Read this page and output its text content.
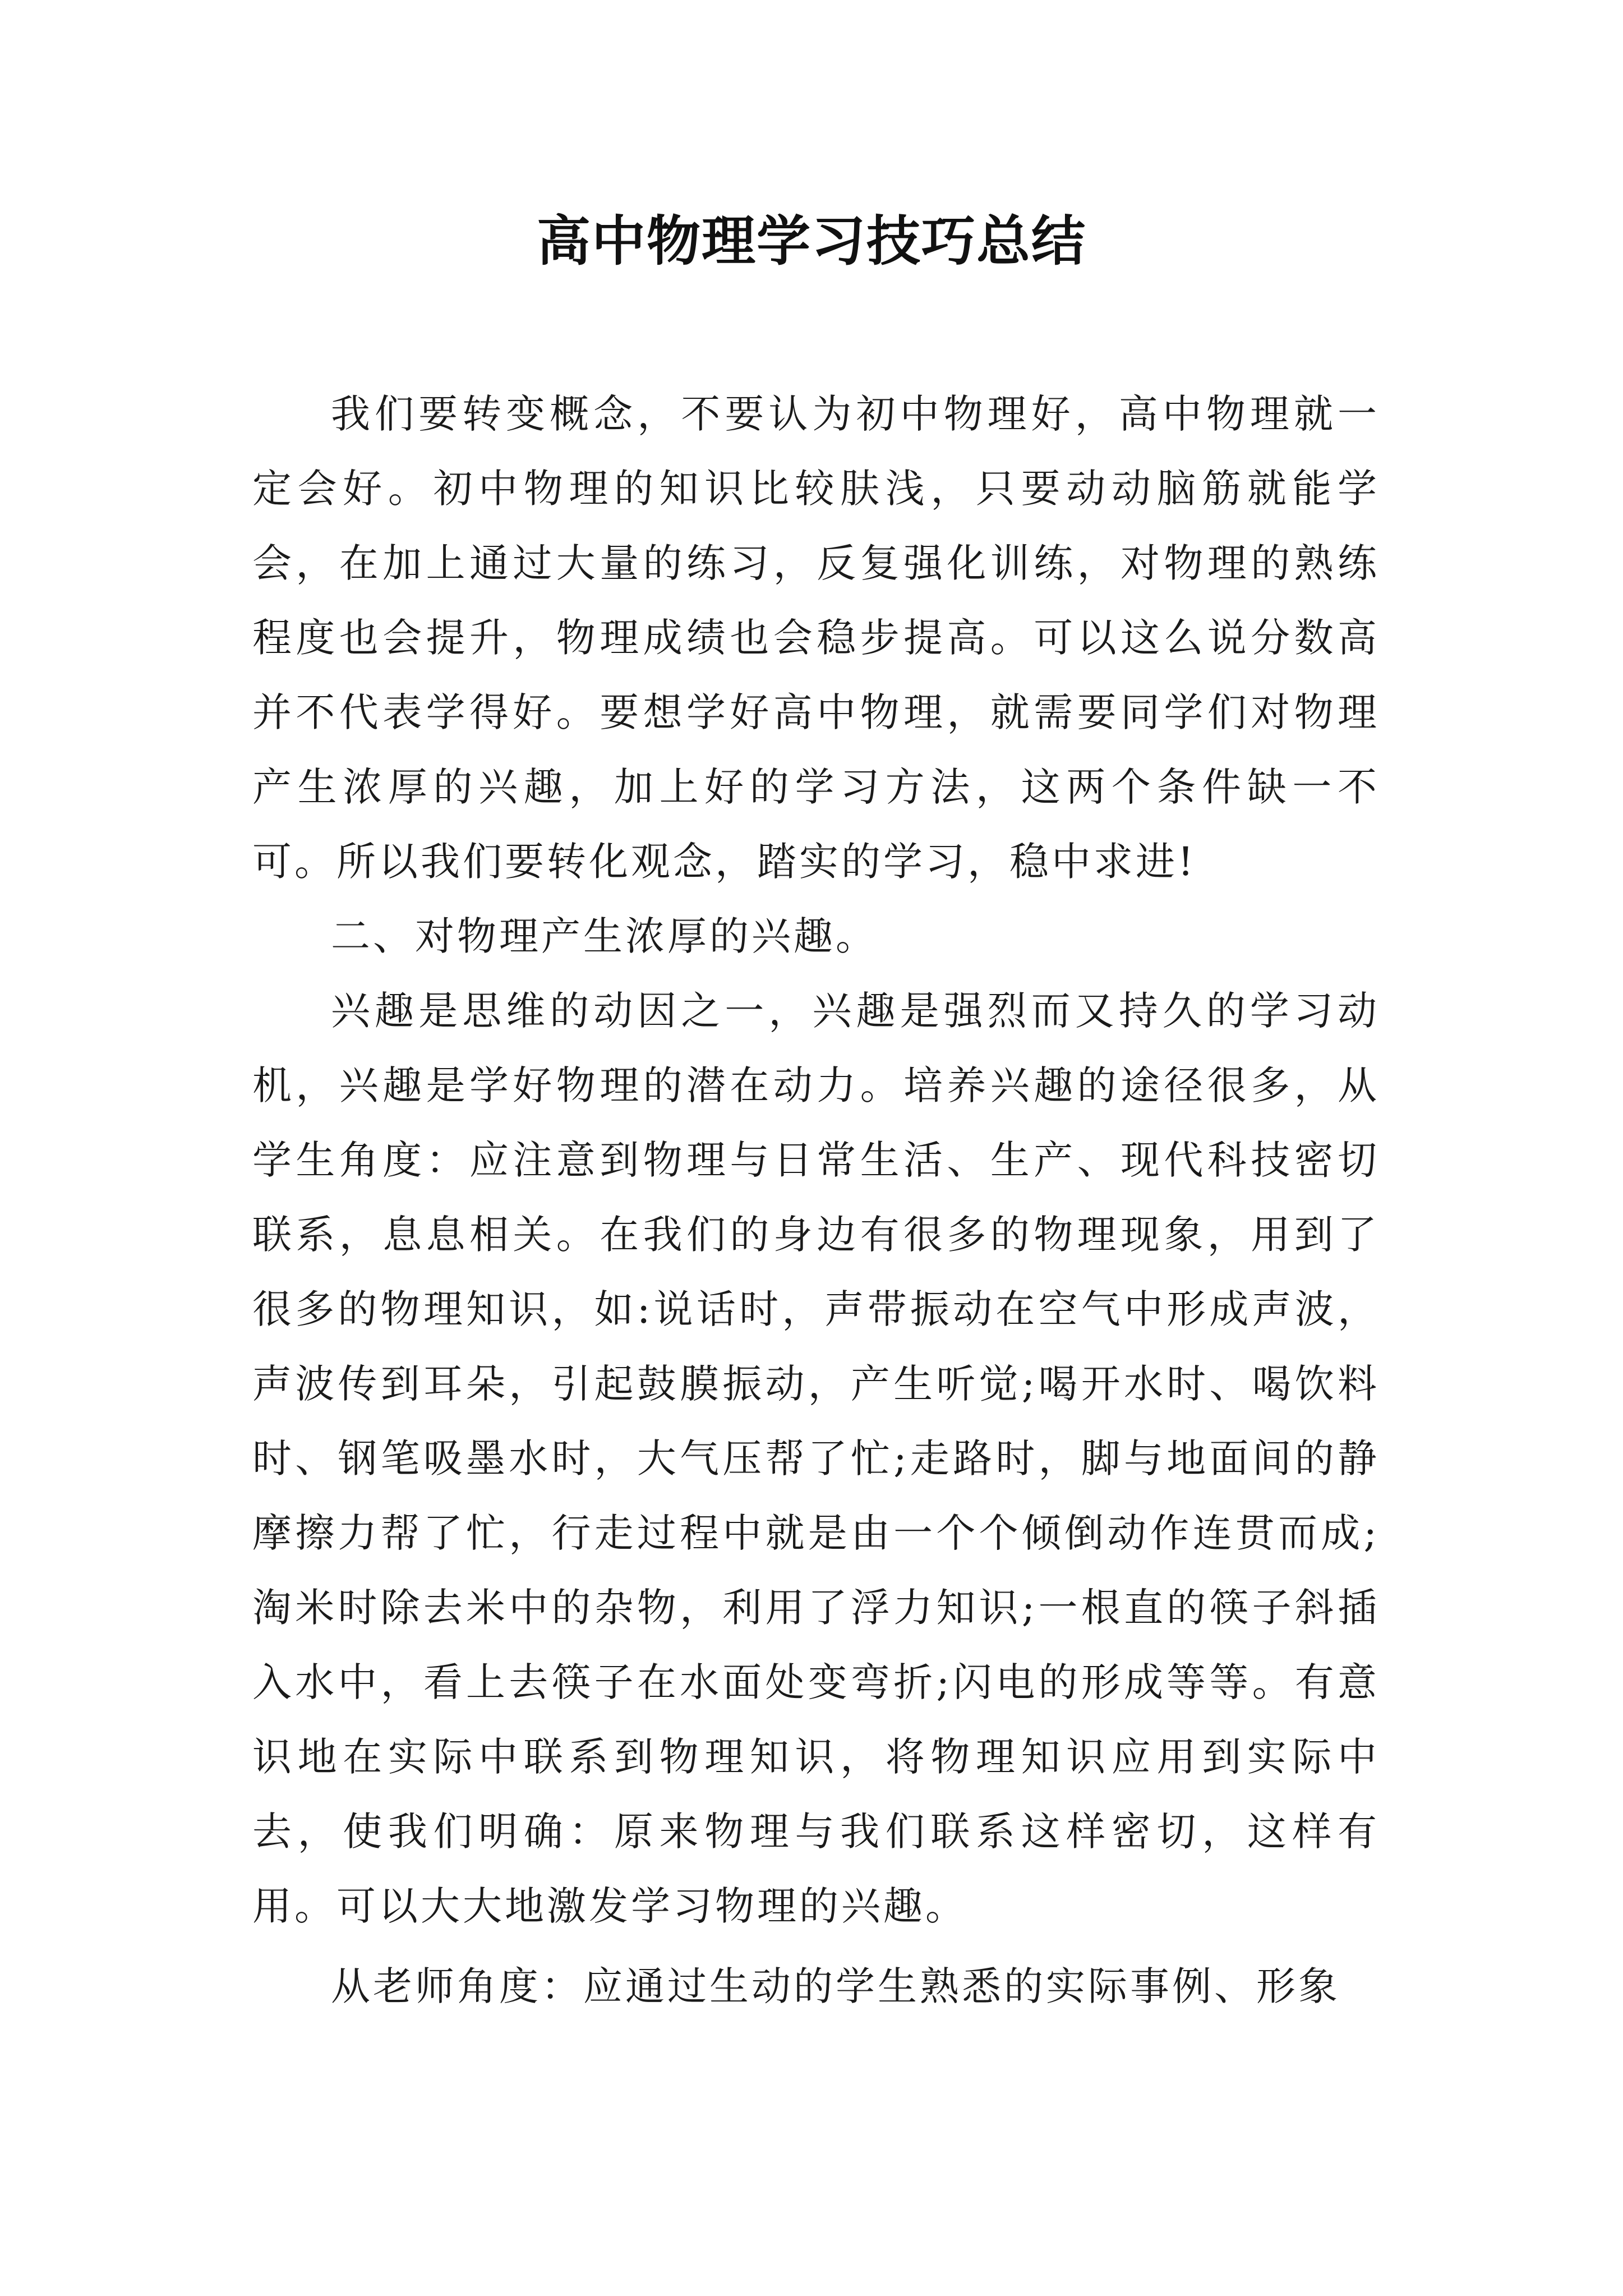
高中物理学习技巧总结

我们要转变概念，不要认为初中物理好，高中物理就一定会好。初中物理的知识比较肤浅，只要动动脑筋就能学会，在加上通过大量的练习，反复强化训练，对物理的熟练程度也会提升，物理成绩也会稳步提高。可以这么说分数高并不代表学得好。要想学好高中物理，就需要同学们对物理产生浓厚的兴趣，加上好的学习方法，这两个条件缺一不可。所以我们要转化观念，踏实的学习，稳中求进!

二、对物理产生浓厚的兴趣。

兴趣是思维的动因之一，兴趣是强烈而又持久的学习动机，兴趣是学好物理的潜在动力。培养兴趣的途径很多，从学生角度：应注意到物理与日常生活、生产、现代科技密切联系，息息相关。在我们的身边有很多的物理现象，用到了很多的物理知识，如:说话时，声带振动在空气中形成声波，声波传到耳朵，引起鼓膜振动，产生听觉;喝开水时、喝饮料时、钢笔吸墨水时，大气压帮了忙;走路时，脚与地面间的静摩擦力帮了忙，行走过程中就是由一个个倾倒动作连贯而成;淘米时除去米中的杂物，利用了浮力知识;一根直的筷子斜插入水中，看上去筷子在水面处变弯折;闪电的形成等等。有意识地在实际中联系到物理知识，将物理知识应用到实际中去，使我们明确：原来物理与我们联系这样密切，这样有用。可以大大地激发学习物理的兴趣。

从老师角度：应通过生动的学生熟悉的实际事例、形象
